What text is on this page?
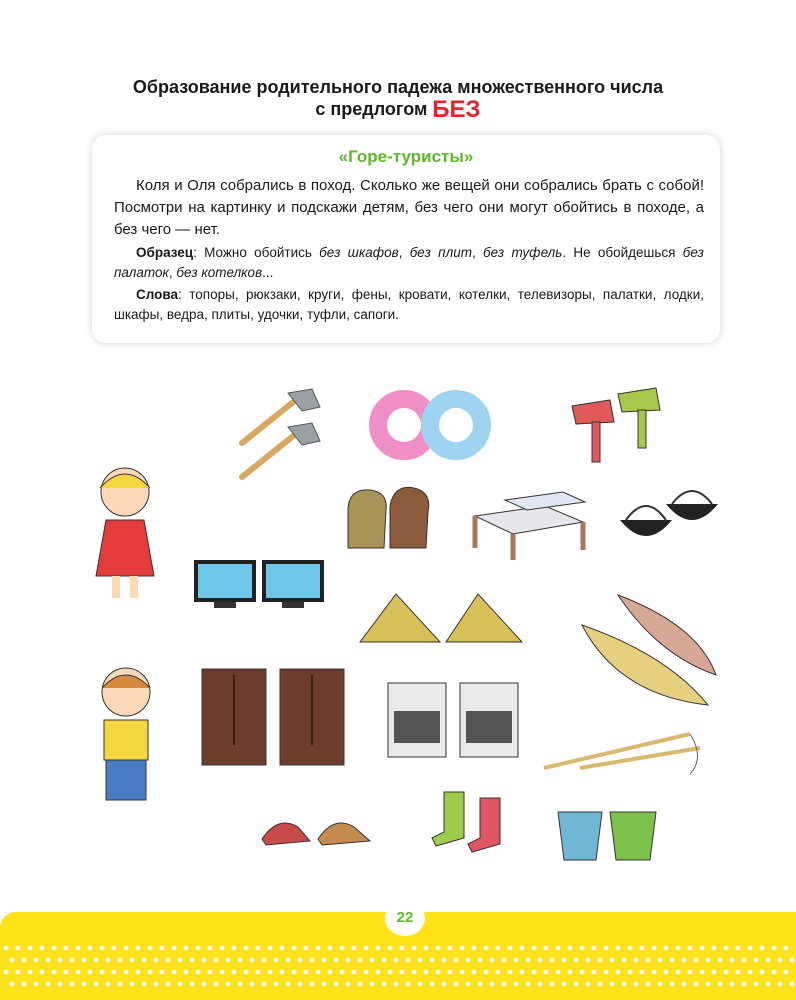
Образование родительного падежа множественного числа
с предлогом БЕЗ
«Горе-туристы»
Коля и Оля собрались в поход. Сколько же вещей они собрались брать с собой! Посмотри на картинку и подскажи детям, без чего они могут обойтись в походе, а без чего — нет.
Образец: Можно обойтись без шкафов, без плит, без туфель. Не обойдешься без палаток, без котелков...
Слова: топоры, рюкзаки, круги, фены, кровати, котелки, телевизоры, палатки, лодки, шкафы, ведра, плиты, удочки, туфли, сапоги.
22
